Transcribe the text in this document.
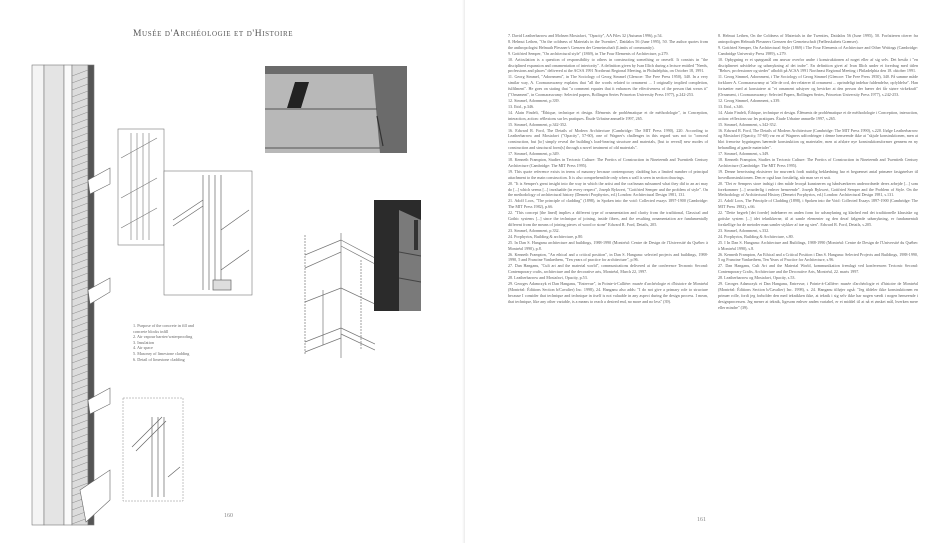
Musée d'Archéologie et d'Histoire
1. Purpose of the concrete in fill and
concrete blocks infill
2. Air vapour barrier/waterproofing
3. Insulation
4. Air space
5. Masonry of limestone cladding
6. Detail of limestone cladding
160

7. David Leatherbarrow and Mohsen Mostafavi, "Opacity", AA Files 32 (Autumn 1996), p.54.

8. Helmut Lethen, "On the coldness of Materials in the Twenties", Daidalos 56 (June 1995), 50. The author quotes from the anthropologist Helmuth Plessner's Grenzen der Gemeinschaft (Limits of community).

9. Gottfried Semper, "On architectural style" (1869), in The Four Elements of Architecture, p.279.

10. Articulation is a question of responsibility to others in constructing something or oneself. It consists in "the disciplined expansion and ornamentation of interiority". A definition given by Ivan Illich during a lecture entitled "Needs, professions and places" delivered at the ACSA 1991 Northeast Regional Meeting, in Philadelphia, on October 18, 1991.

11. Georg Simmel, "Adornment", in The Sociology of Georg Simmel (Glencoe: The Free Press 1950), 340. In a very similar way, A. Coomaraswamy explains that "all the words related to ornament ... I originally implied completion, fulfilment". He goes on stating that "a comment equates that it enhances the effectiveness of the person that wears it" ("Ornament", in Coomaraswamy: Selected papers, Bollingen Series Princeton University Press 1977), p.242-253.

12. Simmel, Adornment, p.339.

13. Ibid., p.346.

14. Alain Findeli, "Éthique, technique et design. Éléments de problématique et de méthodologie", in Conception, interaction, action: réflexions sur les pratiques. Étude Urbaine annuelle 1997, 265.

15. Simmel, Adornment, p.342-352.

16. Edward R. Ford, The Details of Modern Architecture (Cambridge: The MIT Press 1990), 220. According to Leatherbarrow and Mostafavi ("Opacity", 57-60), one of Wagner's challenges in this regard was not to "conceal construction, but [to] simply reveal the building's load-bearing structure and materials, [but to reveal] new modes of construction and structural form[s] through a novel treatment of old materials".

17. Simmel, Adornment, p.349.

18. Kenneth Frampton, Studies in Tectonic Culture: The Poetics of Construction in Nineteenth and Twentieth Century Architecture (Cambridge: The MIT Press 1995).

19. This quote reference exists in terms of masonry because contemporary cladding has a limited number of principal attachment to the main construction. It is also comprehensible only when a wall is seen in section drawings.

20. "It is Semper's great insight into the way in which the artist and the craftsman subsumed what they did to an art may do [...] which seems [...] invaluable (in every respect", Joseph Rykwert, "Gottfried Semper and the problem of style". On the methodology of architectural history (Demetri Porphyrios, ed.) London: Architectural Design 1981, 131.

21. Adolf Loos, "The principle of cladding" (1898), in Spoken into the void: Collected essays 1897-1900 (Cambridge: The MIT Press 1982), p.66.

22. "This concept [the lined] implies a different type of ornamentation and clarity from the traditional, Classical and Gothic systems [...] since the technique of joining, inside fibers, and the resulting ornamentation are fundamentally different from the means of joining pieces of wood or stone" Edward R. Ford, Details, 205.

23. Simmel, Adornment, p.332.

24. Porphyrios, Building & architecture, p.80.

25. In Dan S. Hanganu architecture and buildings, 1988-1990 (Montréal: Centre de Design de l'Université du Québec à Montréal 1990), p.8.

26. Kenneth Frampton, "An ethical and a critical position", in Dan S. Hanganu: selected projects and buildings, 1988-1990, 5 and Francine Vanlaethem, "Ten years of practice for architecture", p.96.

27. Dan Hanganu, "Cult art and the material world", communications delivered at the conference Tecnonic Second: Contemporary crafts, architecture and the decorative arts, Montréal, March 22, 1997.

28. Leatherbarrow and Mostafavi, Opacity, p.53.

29. Georges Adamczyk et Dan Hanganu, "Entrevue", in Pointe-à-Callière: musée d'archéologie et d'histoire de Montréal (Montréal: Éditions Section b/Cavalier) Inc. 1998), 24. Hanganu also adds: "I do not give a primary role to structure because I consider that technique and technique in itself is not valuable in any aspect during the design process. I mean, that technique, like any other variable, is a means to reach a desired end, no more and no less" (39).

8. Helmut Lethen, On the Coldness of Materials in the Twenties, Daidalos 56 (June 1995), 50. Forfatteren citerer fra antropologen Helmuth Plessners Grenzen der Gemeinschaft (Fællesskabets Grænser).

9. Gottfried Semper, On Architectural Style (1869) i The Four Elements of Architecture and Other Writings (Cambridge: Cambridge University Press 1989), s.279.

10. Opbygning er et spørgsmål om ansvar overfor andre i konstruktionen af noget eller af sig selv. Det består i "en disciplineret udvidelse og udsmykning af det indre". En definition givet af Ivan Illich under et foredrag med titlen "Behov, professioner og steder" afholdt på ACSA 1991 Northeast Regional Meeting i Philadelphia den 18. oktober 1991.

11. Georg Simmel, Adornment, i The Sociology of Georg Simmel (Glencoe: The Free Press 1950), 340. På samme måde forklarer A. Coomaraswamy at "alle de ord, der relaterer til ornament ... oprindeligt indebar fuldendelse, opfyldelse". Han fortsætter med at konstatere at "et ornament udstyrer og bevirker at den person der bærer det får større virkekraft" (Ornament, i Coomaraswamy: Selected Papers, Bollingen Series, Princeton University Press 1977), s.242-253.

12. Georg Simmel, Adornment, s.339.

13. Ibid., s.346.

14. Alain Findeli, Éthique, technique et design. Éléments de problématique et de méthodologie i Conception, interaction, action: réflexions sur les pratiques. Étude Urbaine annuelle 1997, s.265.

15. Simmel, Adornment, s.342-352.

16. Edward R. Ford, The Details of Modern Architecture (Cambridge: The MIT Press 1990), s.220. Ifølge Leatherbarrow og Mostafavi (Opacity, 57-60) var en af Wagners udfordringer i denne henseende ikke at "skjule konstruktionen, men at blot fremvise bygningens bærende konstruktion og materialer, men at afsløre nye konstruktionsformer gennem en ny behandling af gamle materialer".

17. Simmel, Adornment, s.349.

18. Kenneth Frampton, Studies in Tectonic Culture: The Poetics of Construction in Nineteenth and Twentieth Century Architecture (Cambridge: The MIT Press 1995).

19. Denne henvisning eksisterer for murværk fordi nutidig beklædning har et begrænset antal primære fastgørelser til hovedkonstruktionen. Den er også kun forståelig, når man ser et snit.

20. "Det er Sempers store indsigt i den måde hvorpå kunstneren og håndværkeren underordnede deres arbejde [...] som forekommer [...] uvurderlig i enhver henseende". Joseph Rykwert, Gottfried Semper and the Problem of Style. On the Methodology of Architectural History (Demetri Porphyrios, ed.) London: Architectural Design 1981, s.131.

21. Adolf Loos, The Principle of Cladding (1898), i Spoken into the Void: Collected Essays 1897-1900 (Cambridge: The MIT Press 1982), s.66.

22. "Dette begreb [det forede] indebærer en anden form for udsmykning og klarhed end det traditionelle klassiske og gotiske system [...] idet teknikkerne, til at samle elementer og den deraf følgende udsmykning, er fundamentalt forskellige fra de metoder man samler stykker af træ og sten". Edward R. Ford, Details, s.205.

23. Simmel, Adornment, s.332.

24. Porphyrios, Building & Architecture, s.80.

25. I In Dan S. Hanganu: Architecture and Buildings, 1988-1990 (Montréal: Centre de Design de l'Université du Québec à Montréal 1990), s.8.

26. Kenneth Frampton, An Ethical and a Critical Position i Dan S. Hanganu: Selected Projects and Buildings, 1988-1990, 5 og Francine Vanlaethem, Ten Years of Practice for Architecture, s.96.

27. Dan Hanganu, Cult Art and the Material World, kommunikation fremlagt ved konferencen Tectonic Second: Contemporary Crafts, Architecture and the Decorative Arts, Montréal, 22. marts 1997.

28. Leatherbarrow og Mostafavi, Opacity, s.53.

29. Georges Adamczyk et Dan Hanganu, Entrevue, i Pointe-à-Callière: musée d'archéologie et d'histoire de Montréal (Montréal: Éditions Section b/Cavalier) Inc. 1998), s. 24. Hanganu tilføjer også: "Jeg tildeler ikke konstruktionen en primær rolle, fordi jeg forholder den med teknikken ikke, at teknik i sig selv ikke har nogen værdi i nogen henseende i designprocessen. Jeg mener at teknik, ligesom enhver anden variabel, er et middel til at nå et ønsket mål, hverken mere eller mindre" (39).

161
